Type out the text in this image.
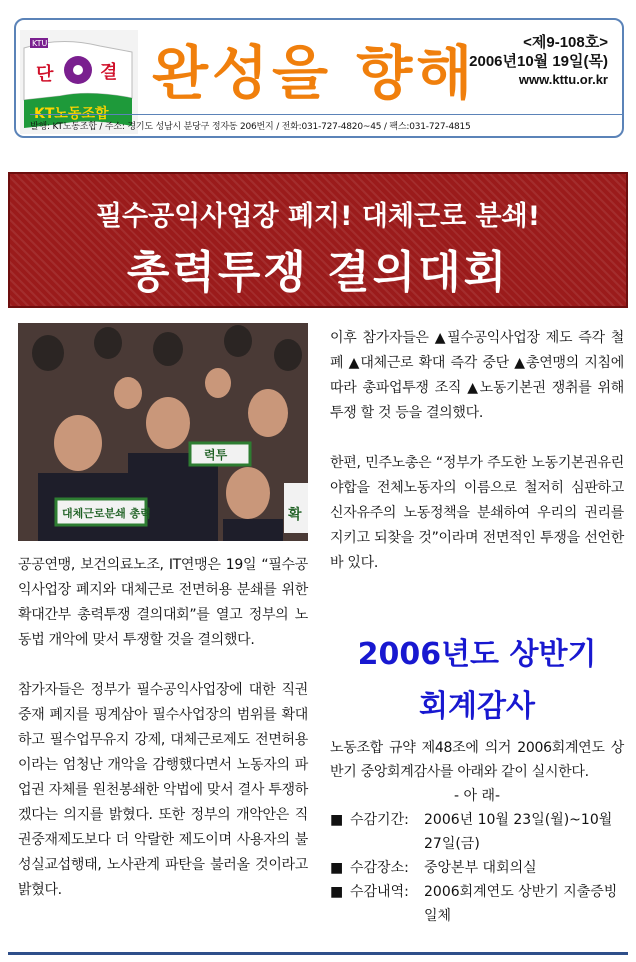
KTU
단	결
KT노동조합
완성을 향해	<제9-108호>
2006년10월 19일(목)
www.kttu.or.kr
발행: KT노동조합 / 주소: 경기도 성남시 분당구 정자동 206번지 / 전화:031-727-4820~45 / 팩스:031-727-4815
필수공익사업장 폐지! 대체근로 분쇄!
총력투쟁 결의대회
대체근로분쇄 총력
력투
확

공공연맹, 보건의료노조, IT연맹은 19일 “필수공익사업장 폐지와 대체근로 전면허용 분쇄를 위한 확대간부 총력투쟁 결의대회”를 열고 정부의 노동법 개악에 맞서 투쟁할 것을 결의했다.

참가자들은 정부가 필수공익사업장에 대한 직권중재 폐지를 핑계삼아 필수사업장의 범위를 확대하고 필수업무유지 강제, 대체근로제도 전면허용이라는 엄청난 개악을 감행했다면서 노동자의 파업권 자체를 원천봉쇄한 악법에 맞서 결사 투쟁하겠다는 의지를 밝혔다. 또한 정부의 개악안은 직권중재제도보다 더 악랄한 제도이며 사용자의 불성실교섭행태, 노사관계 파탄을 불러올 것이라고 밝혔다.

이후 참가자들은 ▲필수공익사업장 제도 즉각 철폐 ▲대체근로 확대 즉각 중단 ▲총연맹의 지침에 따라 총파업투쟁 조직 ▲노동기본권 쟁취를 위해 투쟁 할 것 등을 결의했다.

한편, 민주노총은 “정부가 주도한 노동기본권유린 야합을 전체노동자의 이름으로 철저히 심판하고 신자유주의 노동정책을 분쇄하여 우리의 권리를 지키고 되찾을 것”이라며 전면적인 투쟁을 선언한 바 있다.

2006년도 상반기
회계감사
노동조합 규약 제48조에 의거 2006회계연도 상반기 중앙회계감사를 아래와 같이 실시한다.
- 아 래-
■ 수감기간:	2006년 10월 23일(월)~10월 27일(금)
■ 수감장소:	중앙본부 대회의실
■ 수감내역:	2006회계연도 상반기 지출증빙 일체
